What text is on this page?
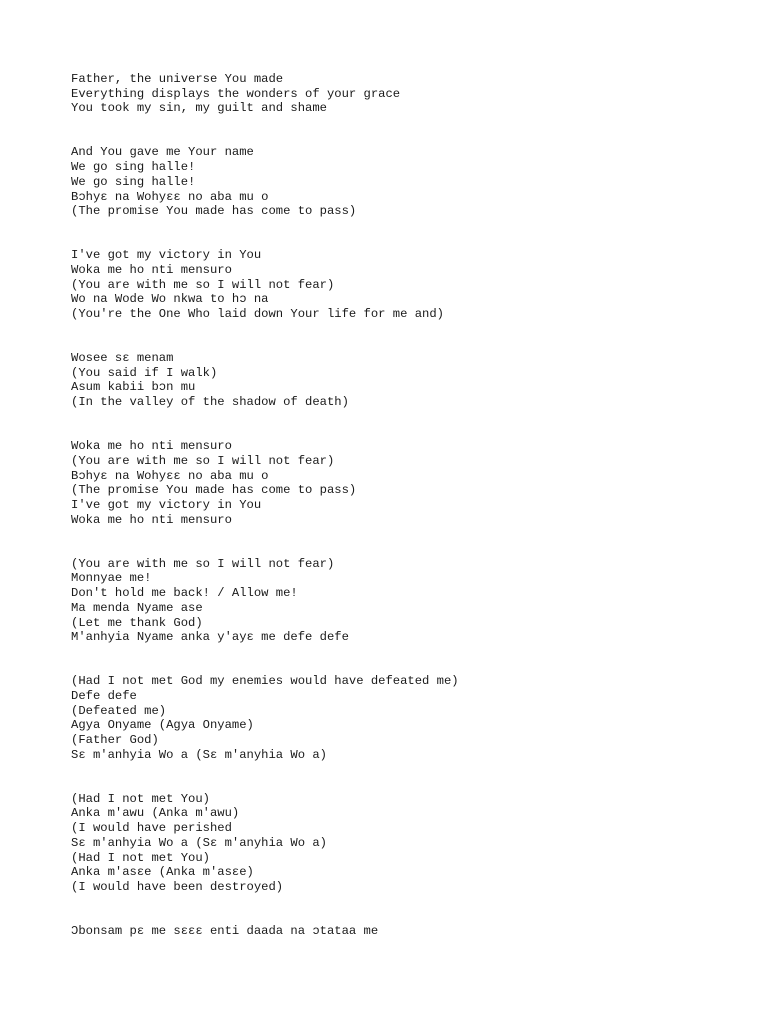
Father, the universe You made
Everything displays the wonders of your grace
You took my sin, my guilt and shame
And You gave me Your name
We go sing halle!
We go sing halle!
Bɔhyɛ na Wohyɛɛ no aba mu o
(The promise You made has come to pass)
I've got my victory in You
Woka me ho nti mensuro
(You are with me so I will not fear)
Wo na Wode Wo nkwa to hɔ na
(You're the One Who laid down Your life for me and)
Wosee sɛ menam
(You said if I walk)
Asum kabii bɔn mu
(In the valley of the shadow of death)
Woka me ho nti mensuro
(You are with me so I will not fear)
Bɔhyɛ na Wohyɛɛ no aba mu o
(The promise You made has come to pass)
I've got my victory in You
Woka me ho nti mensuro
(You are with me so I will not fear)
Monnyae me!
Don't hold me back! / Allow me!
Ma menda Nyame ase
(Let me thank God)
M'anhyia Nyame anka y'ayɛ me defe defe
(Had I not met God my enemies would have defeated me)
Defe defe
(Defeated me)
Agya Onyame (Agya Onyame)
(Father God)
Sɛ m'anhyia Wo a (Sɛ m'anyhia Wo a)
(Had I not met You)
Anka m'awu (Anka m'awu)
(I would have perished
Sɛ m'anhyia Wo a (Sɛ m'anyhia Wo a)
(Had I not met You)
Anka m'asɛe (Anka m'asɛe)
(I would have been destroyed)
Ɔbonsam pɛ me sɛɛɛ enti daada na ɔtataa me
